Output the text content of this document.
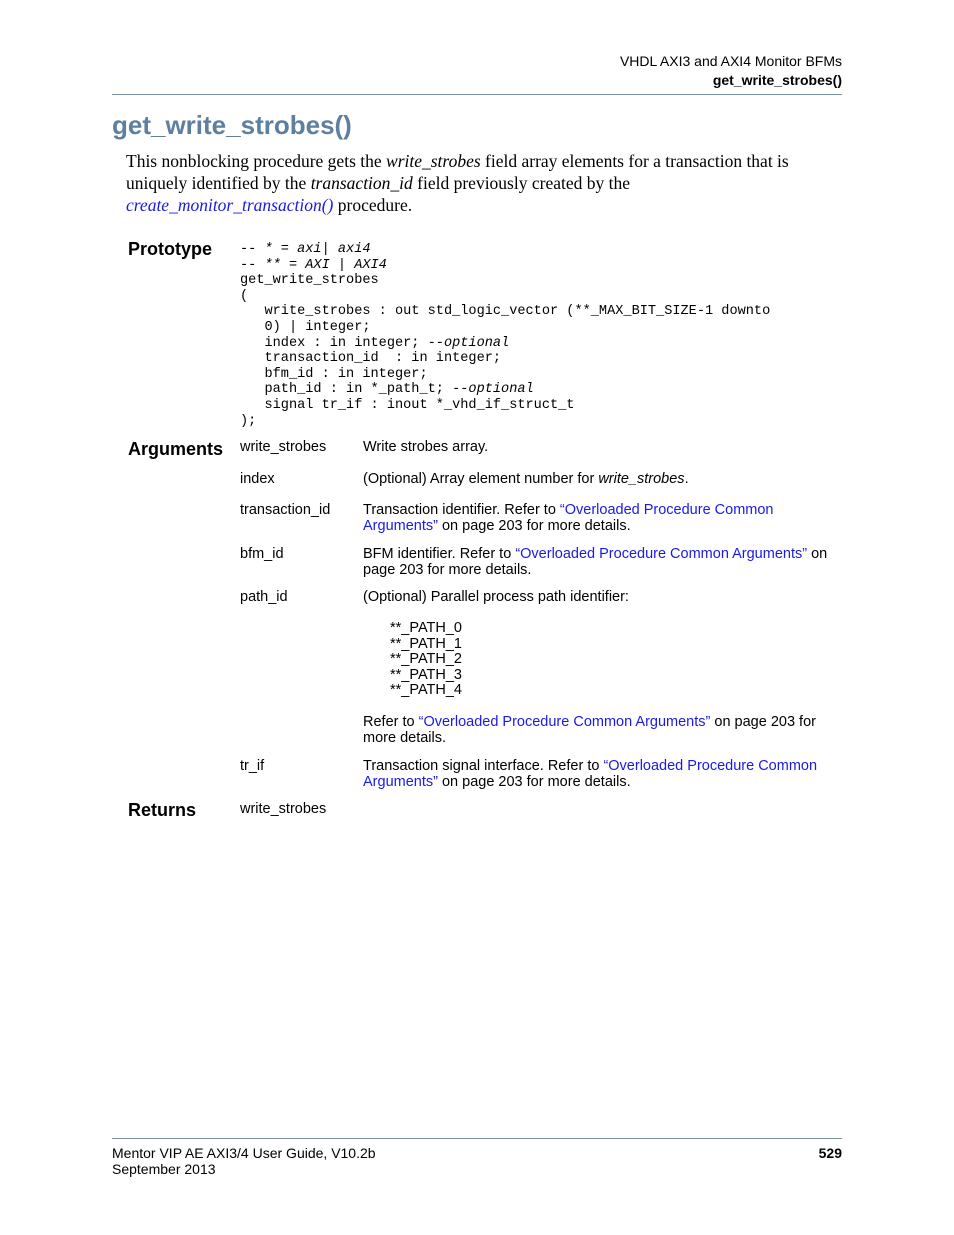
VHDL AXI3 and AXI4 Monitor BFMs
get_write_strobes()
get_write_strobes()

This nonblocking procedure gets the write_strobes field array elements for a transaction that is uniquely identified by the transaction_id field previously created by the
create_monitor_transaction() procedure.

Prototype -- * = axi| axi4
-- ** = AXI | AXI4
get_write_strobes
(
write_strobes : out std_logic_vector (**_MAX_BIT_SIZE-1 downto
0) | integer;
index : in integer; --optional
transaction_id  : in integer;
bfm_id : in integer;
path_id : in *_path_t; --optional
signal tr_if : inout *_vhd_if_struct_t
);
Arguments write_strobes	Write strobes array.
index	(Optional) Array element number for write_strobes.
transaction_id Transaction identifier. Refer to “Overloaded Procedure Common Arguments” on page 203 for more details.
bfm_id	BFM identifier. Refer to “Overloaded Procedure Common Arguments” on page 203 for more details.
path_id	(Optional) Parallel process path identifier:
**_PATH_0
**_PATH_1
**_PATH_2
**_PATH_3
**_PATH_4
Refer to “Overloaded Procedure Common Arguments” on page 203 for more details.
tr_if	Transaction signal interface. Refer to “Overloaded Procedure Common Arguments” on page 203 for more details.
Returns	write_strobes
Mentor VIP AE AXI3/4 User Guide, V10.2b
September 2013
529
